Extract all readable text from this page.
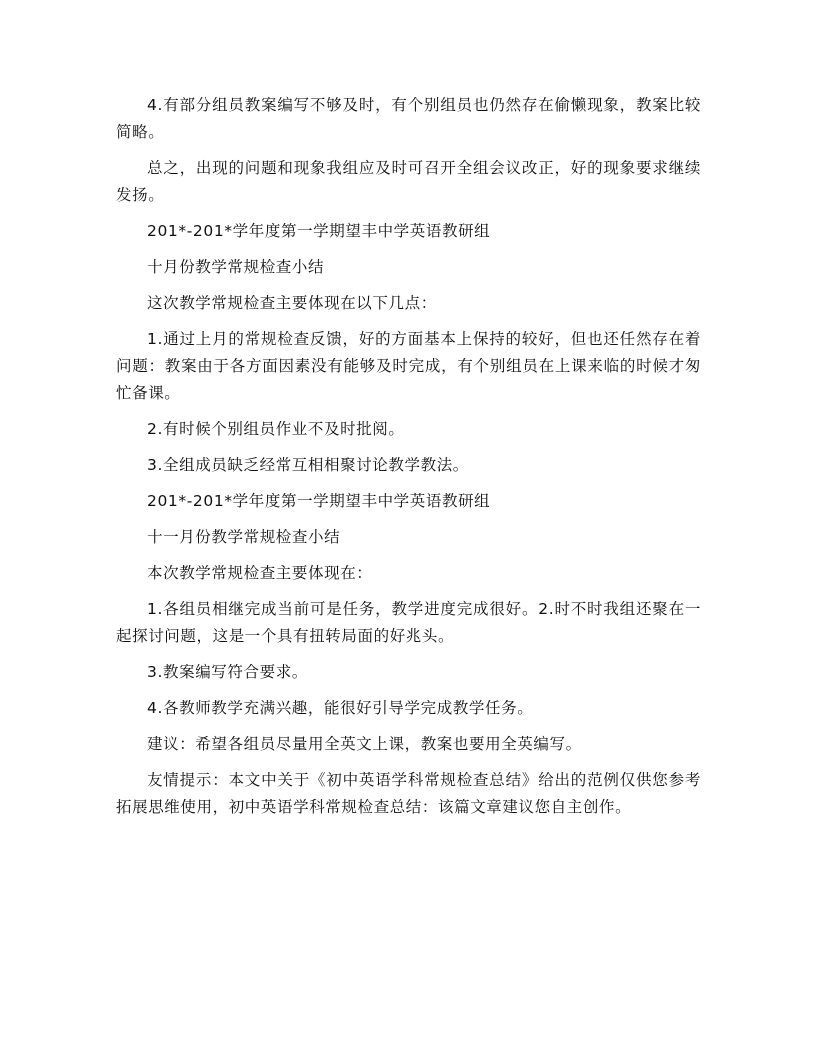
4.有部分组员教案编写不够及时，有个别组员也仍然存在偷懒现象，教案比较简略。

总之，出现的问题和现象我组应及时可召开全组会议改正，好的现象要求继续发扬。

201*-201*学年度第一学期望丰中学英语教研组

十月份教学常规检查小结

这次教学常规检查主要体现在以下几点：

1.通过上月的常规检查反馈，好的方面基本上保持的较好，但也还任然存在着问题：教案由于各方面因素没有能够及时完成，有个别组员在上课来临的时候才匆忙备课。

2.有时候个别组员作业不及时批阅。

3.全组成员缺乏经常互相相聚讨论教学教法。

201*-201*学年度第一学期望丰中学英语教研组

十一月份教学常规检查小结

本次教学常规检查主要体现在：

1.各组员相继完成当前可是任务，教学进度完成很好。2.时不时我组还聚在一起探讨问题，这是一个具有扭转局面的好兆头。

3.教案编写符合要求。

4.各教师教学充满兴趣，能很好引导学完成教学任务。

建议：希望各组员尽量用全英文上课，教案也要用全英编写。

友情提示：本文中关于《初中英语学科常规检查总结》给出的范例仅供您参考拓展思维使用，初中英语学科常规检查总结：该篇文章建议您自主创作。
